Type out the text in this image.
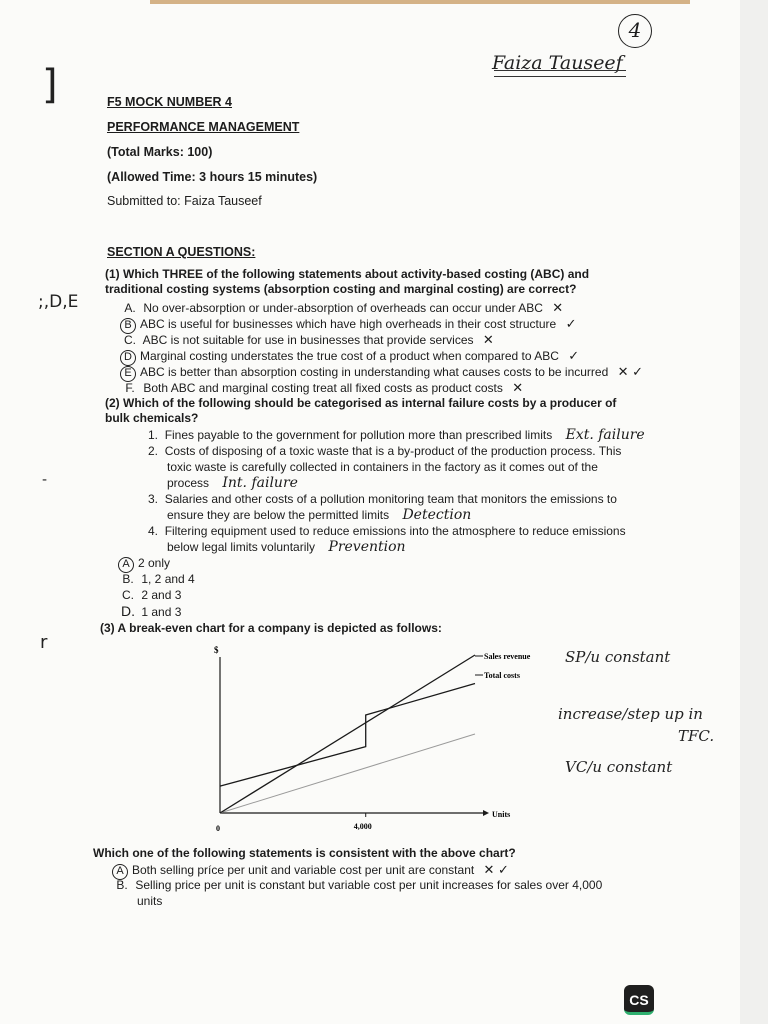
]
;,D,E
-
r
4
Faiza Tauseef
F5 MOCK NUMBER 4
PERFORMANCE MANAGEMENT
(Total Marks: 100)
(Allowed Time: 3 hours 15 minutes)
Submitted to: Faiza Tauseef
SECTION A QUESTIONS:
(1) Which THREE of the following statements about activity-based costing (ABC) and traditional costing systems (absorption costing and marginal costing) are correct?
A. No over-absorption or under-absorption of overheads can occur under ABC ✕
B ABC is useful for businesses which have high overheads in their cost structure ✓
C. ABC is not suitable for use in businesses that provide services ✕
D Marginal costing understates the true cost of a product when compared to ABC ✓
E ABC is better than absorption costing in understanding what causes costs to be incurred ✕ ✓
F. Both ABC and marginal costing treat all fixed costs as product costs ✕
(2) Which of the following should be categorised as internal failure costs by a producer of bulk chemicals?
1. Fines payable to the government for pollution more than prescribed limits Ext. failure
2. Costs of disposing of a toxic waste that is a by-product of the production process. This
toxic waste is carefully collected in containers in the factory as it comes out of the
process Int. failure
3. Salaries and other costs of a pollution monitoring team that monitors the emissions to
ensure they are below the permitted limits Detection
4. Filtering equipment used to reduce emissions into the atmosphere to reduce emissions
below legal limits voluntarily Prevention
A 2 only
B. 1, 2 and 4
C. 2 and 3
D. 1 and 3
(3) A break-even chart for a company is depicted as follows:
$
Units
0
Sales revenue
Total costs
4,000
SP/u constant
increase/step up in
TFC.
VC/u constant
Which one of the following statements is consistent with the above chart?
A Both selling príce per unit and variable cost per unit are constant ✕ ✓
B. Selling price per unit is constant but variable cost per unit increases for sales over 4,000
units
CS
